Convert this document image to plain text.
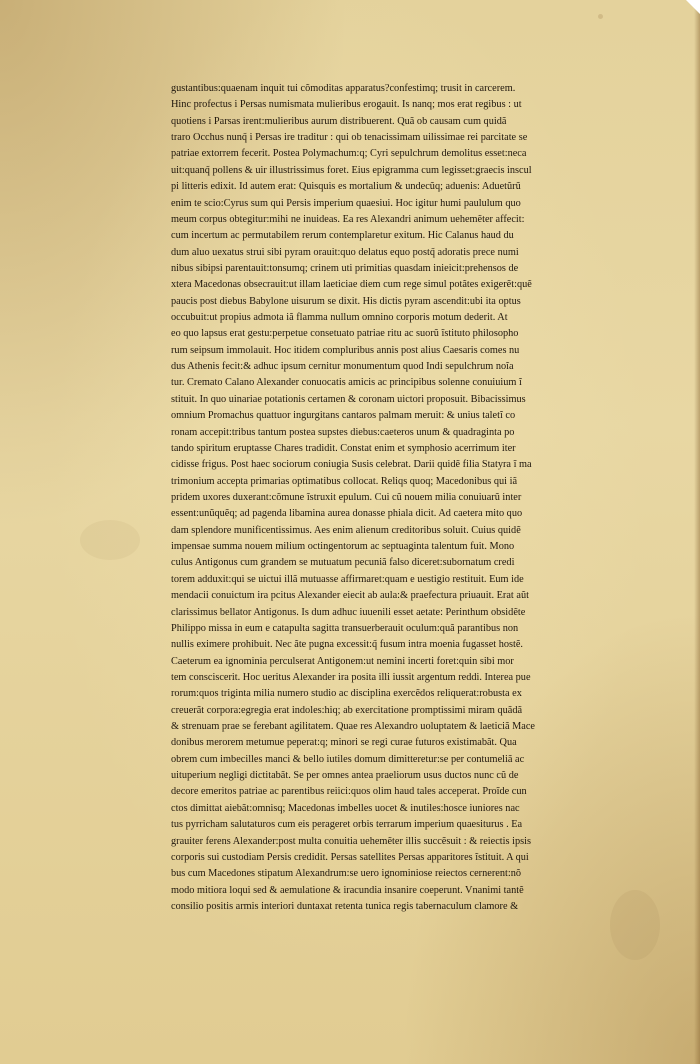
gustantibus:quaenam inquit tui cõmoditas apparatus?confestimq; trusit in carcerem.
Hinc profectus i Persas numismata mulieribus erogauit. Is nanq; mos erat regibus : ut
quotiens i Parsas irent:mulieribus aurum distribuerent. Quã ob causam cum quidã
traro Occhus nunq̃ i Persas ire traditur : qui ob tenacissimam uilissimae rei parcitate se
patriae extorrem fecerit. Postea Polymachum:q; Cyri sepulchrum demolitus esset:necaᷓ
uit:quanq̃ pollens & uir illustrissimus foret. Eius epigramma cum legisset:graecis insculᷓ
pi litteris edixit. Id autem erat: Quisquis es mortalium & undecũq; aduenis: Aduetũrũ
enim te scio:Cyrus sum qui Persis imperium quaesiui. Hoc igitur humi paululum quo
meum corpus obtegitur:mihi ne inuideas. Ea res Alexandri animum uehemẽter affecit:
cum incertum ac permutabilem rerum contemplaretur exitum. Hic Calanus haud duᷓ
dum aluo uexatus strui sibi pyram orauit:quo delatus equo postq̃ adoratis prece numiᷓ
nibus sibipsi parentauit:tonsumq; crinem uti primitias quasdam inieicit:prehensos deᷓ
xtera Macedonas obsecrauit:ut illam laeticiae diem cum rege simul potãtes exigerẽt:quẽ
paucis post diebus Babylone uisurum se dixit. His dictis pyram ascendit:ubi ita optus
occubuit:ut propius admota iã flamma nullum omnino corporis motum dederit. At
eo quo lapsus erat gestu:perpetue consetuato patriae ritu ac suorũ ĩstituto philosophoᷓ
rum seipsum immolauit. Hoc itidem compluribus annis post alius Caesaris comes nuᷓ
dus Athenis fecit:& adhuc ipsum cernitur monumentum quod Indi sepulchrum noĩaᷓ
tur. Cremato Calano Alexander conuocatis amicis ac principibus solenne conuiuium ĩ
stituit. In quo uinariae potationis certamen & coronam uictori proposuit. Bibacissimus
omnium Promachus quattuor ingurgitans cantaros palmam meruit: & unius taletĩ coᷓ
ronam accepit:tribus tantum postea supstes diebus:caeteros unum & quadraginta poᷓ
tando spiritum eruptasse Chares tradidit. Constat enim et symphosio acerrimum iter
cidisse frigus. Post haec sociorum coniugia Susis celebrat. Darii quidẽ filia Statyra ĩ ma
trimonium accepta primarias optimatibus collocat. Reliqs quoq; Macedonibus qui iã
pridem uxores duxerant:cõmune ĩstruxit epulum. Cui cũ nouem milia conuiuarũ inter
essent:unũquẽq; ad pagenda libamina aurea donasse phiala dicit. Ad caetera mito quoᷓ
dam splendore munificentissimus. Aes enim alienum creditoribus soluit. Cuius quidẽ
impensae summa nouem milium octingentorum ac septuaginta talentum fuit. Mono
culus Antigonus cum grandem se mutuatum pecuniã falso diceret:subornatum crediᷓ
torem adduxit:qui se uictui illã mutuasse affirmaret:quam e uestigio restituit. Eum ide
mendacii conuictum ira pcitus Alexander eiecit ab aula:& praefectura priuauit. Erat aũt
clarissimus bellator Antigonus. Is dum adhuc iuuenili esset aetate: Perinthum obsidẽte
Philippo missa in eum e catapulta sagitta transuerberauit oculum:quã parantibus non
nullis eximere prohibuit. Nec ãte pugna excessit:q̃ fusum intra moenia fugasset hostẽ.
Caeterum ea ignominia perculserat Antigonem:ut nemini incerti foret:quin sibi morᷓ
tem consciscerit. Hoc ueritus Alexander ira posita illi iussit argentum reddi. Interea pue
rorum:quos triginta milia numero studio ac disciplina exercẽdos reliquerat:robusta exᷓ
creuerãt corpora:egregia erat indoles:hiq; ab exercitatione promptissimi miram quãdã
& strenuam prae se ferebant agilitatem. Quae res Alexandro uoluptatem & laeticiã Mace
donibus merorem metumue peperat:q; minori se regi curae futuros existimabãt. Quaᷓ
obrem cum imbecilles manci & bello iutiles domum dimitteretur:se per contumeliã ac
uituperium negligi dictitabãt. Se per omnes antea praeliorum usus ductos nunc cũ deᷓ
decore emeritos patriae ac parentibus reiici:quos olim haud tales acceperat. Proĩde cunᷓ
ctos dimittat aiebãt:omnisq; Macedonas imbelles uocet & inutiles:hosce iuniores nacᷓ
tus pyrricham salutaturos cum eis perageret orbis terrarum imperium quaesiturus . Ea
grauiter ferens Alexander:post multa conuitia uehemẽter illis succẽsuit : & reiectis ipsis
corporis sui custodiam Persis credidit. Persas satellites Persas apparitores ĩstituit. A qui
bus cum Macedones stipatum Alexandrum:se uero ignominiose reiectos cernerent:nõ
modo mitiora loqui sed & aemulatione & iracundia insanire coeperunt. Vnanimi tantẽ
consilio positis armis interiori duntaxat retenta tunica regis tabernaculum clamore &
